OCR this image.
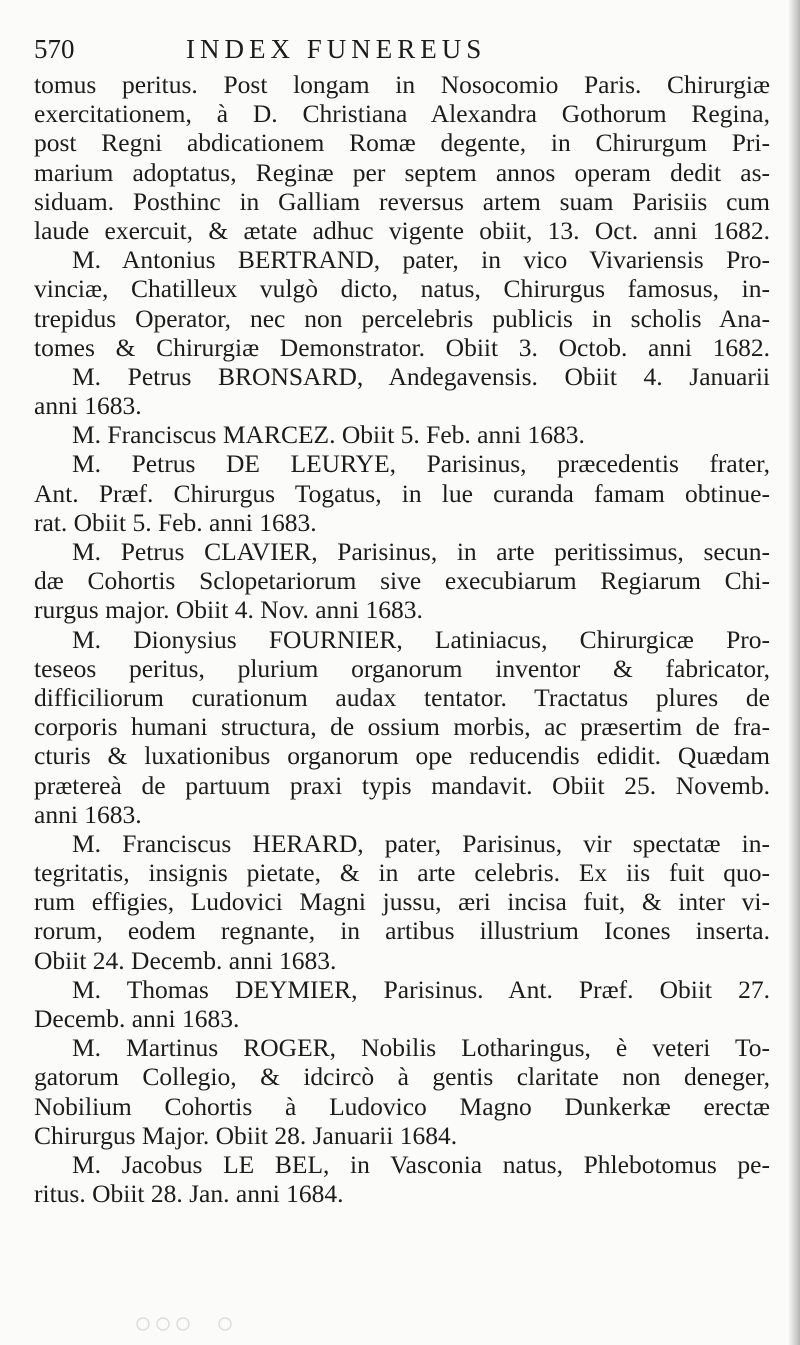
570	INDEX FUNEREUS
tomus peritus. Post longam in Nosocomio Paris. Chirurgiæ
exercitationem, à D. Christiana Alexandra Gothorum Regina,
post Regni abdicationem Romæ degente, in Chirurgum Pri-
marium adoptatus, Reginæ per septem annos operam dedit as-
siduam. Posthinc in Galliam reversus artem suam Parisiis cum
laude exercuit, & ætate adhuc vigente obiit, 13. Oct. anni 1682.
M. Antonius BERTRAND, pater, in vico Vivariensis Pro-
vinciæ, Chatilleux vulgò dicto, natus, Chirurgus famosus, in-
trepidus Operator, nec non percelebris publicis in scholis Ana-
tomes & Chirurgiæ Demonstrator. Obiit 3. Octob. anni 1682.
M. Petrus BRONSARD, Andegavensis. Obiit 4. Januarii
anni 1683.
M. Franciscus MARCEZ. Obiit 5. Feb. anni 1683.
M. Petrus DE LEURYE, Parisinus, præcedentis frater,
Ant. Præf. Chirurgus Togatus, in lue curanda famam obtinue-
rat. Obiit 5. Feb. anni 1683.
M. Petrus CLAVIER, Parisinus, in arte peritissimus, secun-
dæ Cohortis Sclopetariorum sive execubiarum Regiarum Chi-
rurgus major. Obiit 4. Nov. anni 1683.
M. Dionysius FOURNIER, Latiniacus, Chirurgicæ Pro-
teseos peritus, plurium organorum inventor & fabricator,
difficiliorum curationum audax tentator. Tractatus plures de
corporis humani structura, de ossium morbis, ac præsertim de fra-
cturis & luxationibus organorum ope reducendis edidit. Quædam
prætereà de partuum praxi typis mandavit. Obiit 25. Novemb.
anni 1683.
M. Franciscus HERARD, pater, Parisinus, vir spectatæ in-
tegritatis, insignis pietate, & in arte celebris. Ex iis fuit quo-
rum effigies, Ludovici Magni jussu, æri incisa fuit, & inter vi-
rorum, eodem regnante, in artibus illustrium Icones inserta.
Obiit 24. Decemb. anni 1683.
M. Thomas DEYMIER, Parisinus. Ant. Præf. Obiit 27.
Decemb. anni 1683.
M. Martinus ROGER, Nobilis Lotharingus, è veteri To-
gatorum Collegio, & idcircò à gentis claritate non deneger,
Nobilium Cohortis à Ludovico Magno Dunkerkæ erectæ
Chirurgus Major. Obiit 28. Januarii 1684.
M. Jacobus LE BEL, in Vasconia natus, Phlebotomus pe-
ritus. Obiit 28. Jan. anni 1684.
